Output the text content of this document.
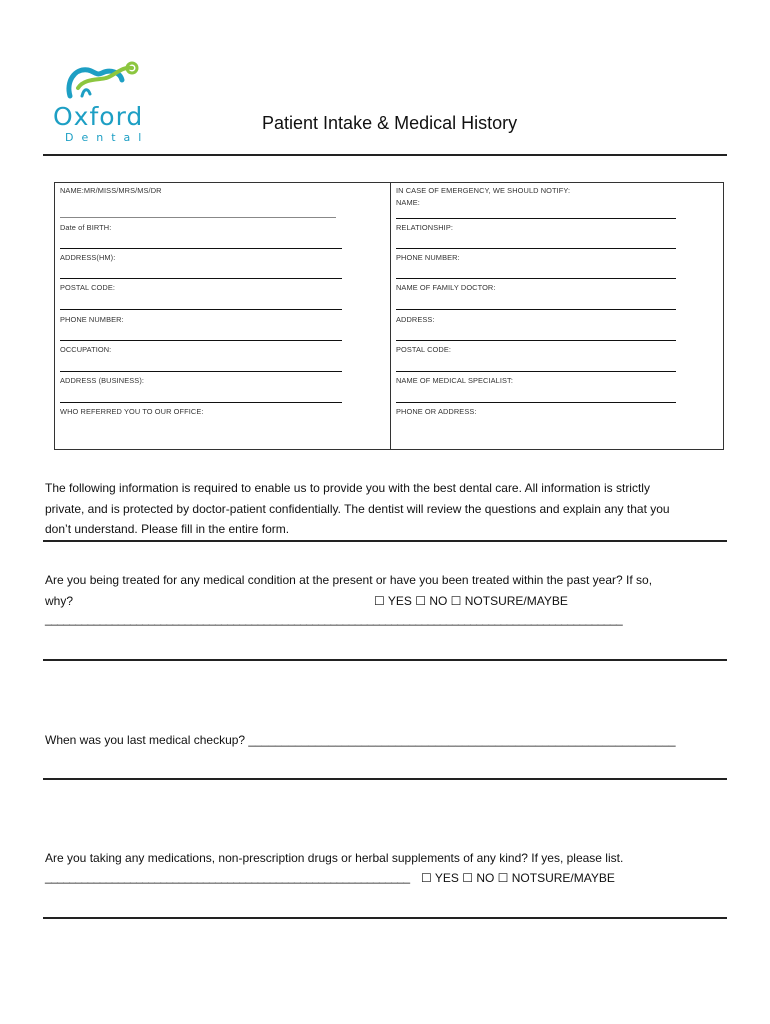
Oxford
Dental
Patient Intake & Medical History
NAME:MR/MISS/MRS/MS/DR
Date of BIRTH:
ADDRESS(HM):
POSTAL CODE:
PHONE NUMBER:
OCCUPATION:
ADDRESS (BUSINESS):
WHO REFERRED YOU TO OUR OFFICE:
IN CASE OF EMERGENCY, WE SHOULD NOTIFY:
NAME:
RELATIONSHIP:
PHONE NUMBER:
NAME OF FAMILY DOCTOR:
ADDRESS:
POSTAL CODE:
NAME OF MEDICAL SPECIALIST:
PHONE OR ADDRESS:
The following information is required to enable us to provide you with the best dental care. All information is strictly
private, and is protected by doctor-patient confidentially. The dentist will review the questions and explain any that you
don’t understand. Please fill in the entire form.
Are you being treated for any medical condition at the present or have you been treated within the past year? If so,
why?	☐ YES ☐ NO ☐ NOTSURE/MAYBE
_______________________________________________________________________________________________
When was you last medical checkup? ________________________________________________________________
Are you taking any medications, non-prescription drugs or herbal supplements of any kind? If yes, please list.
____________________________________________________________ ☐ YES ☐ NO ☐ NOTSURE/MAYBE
